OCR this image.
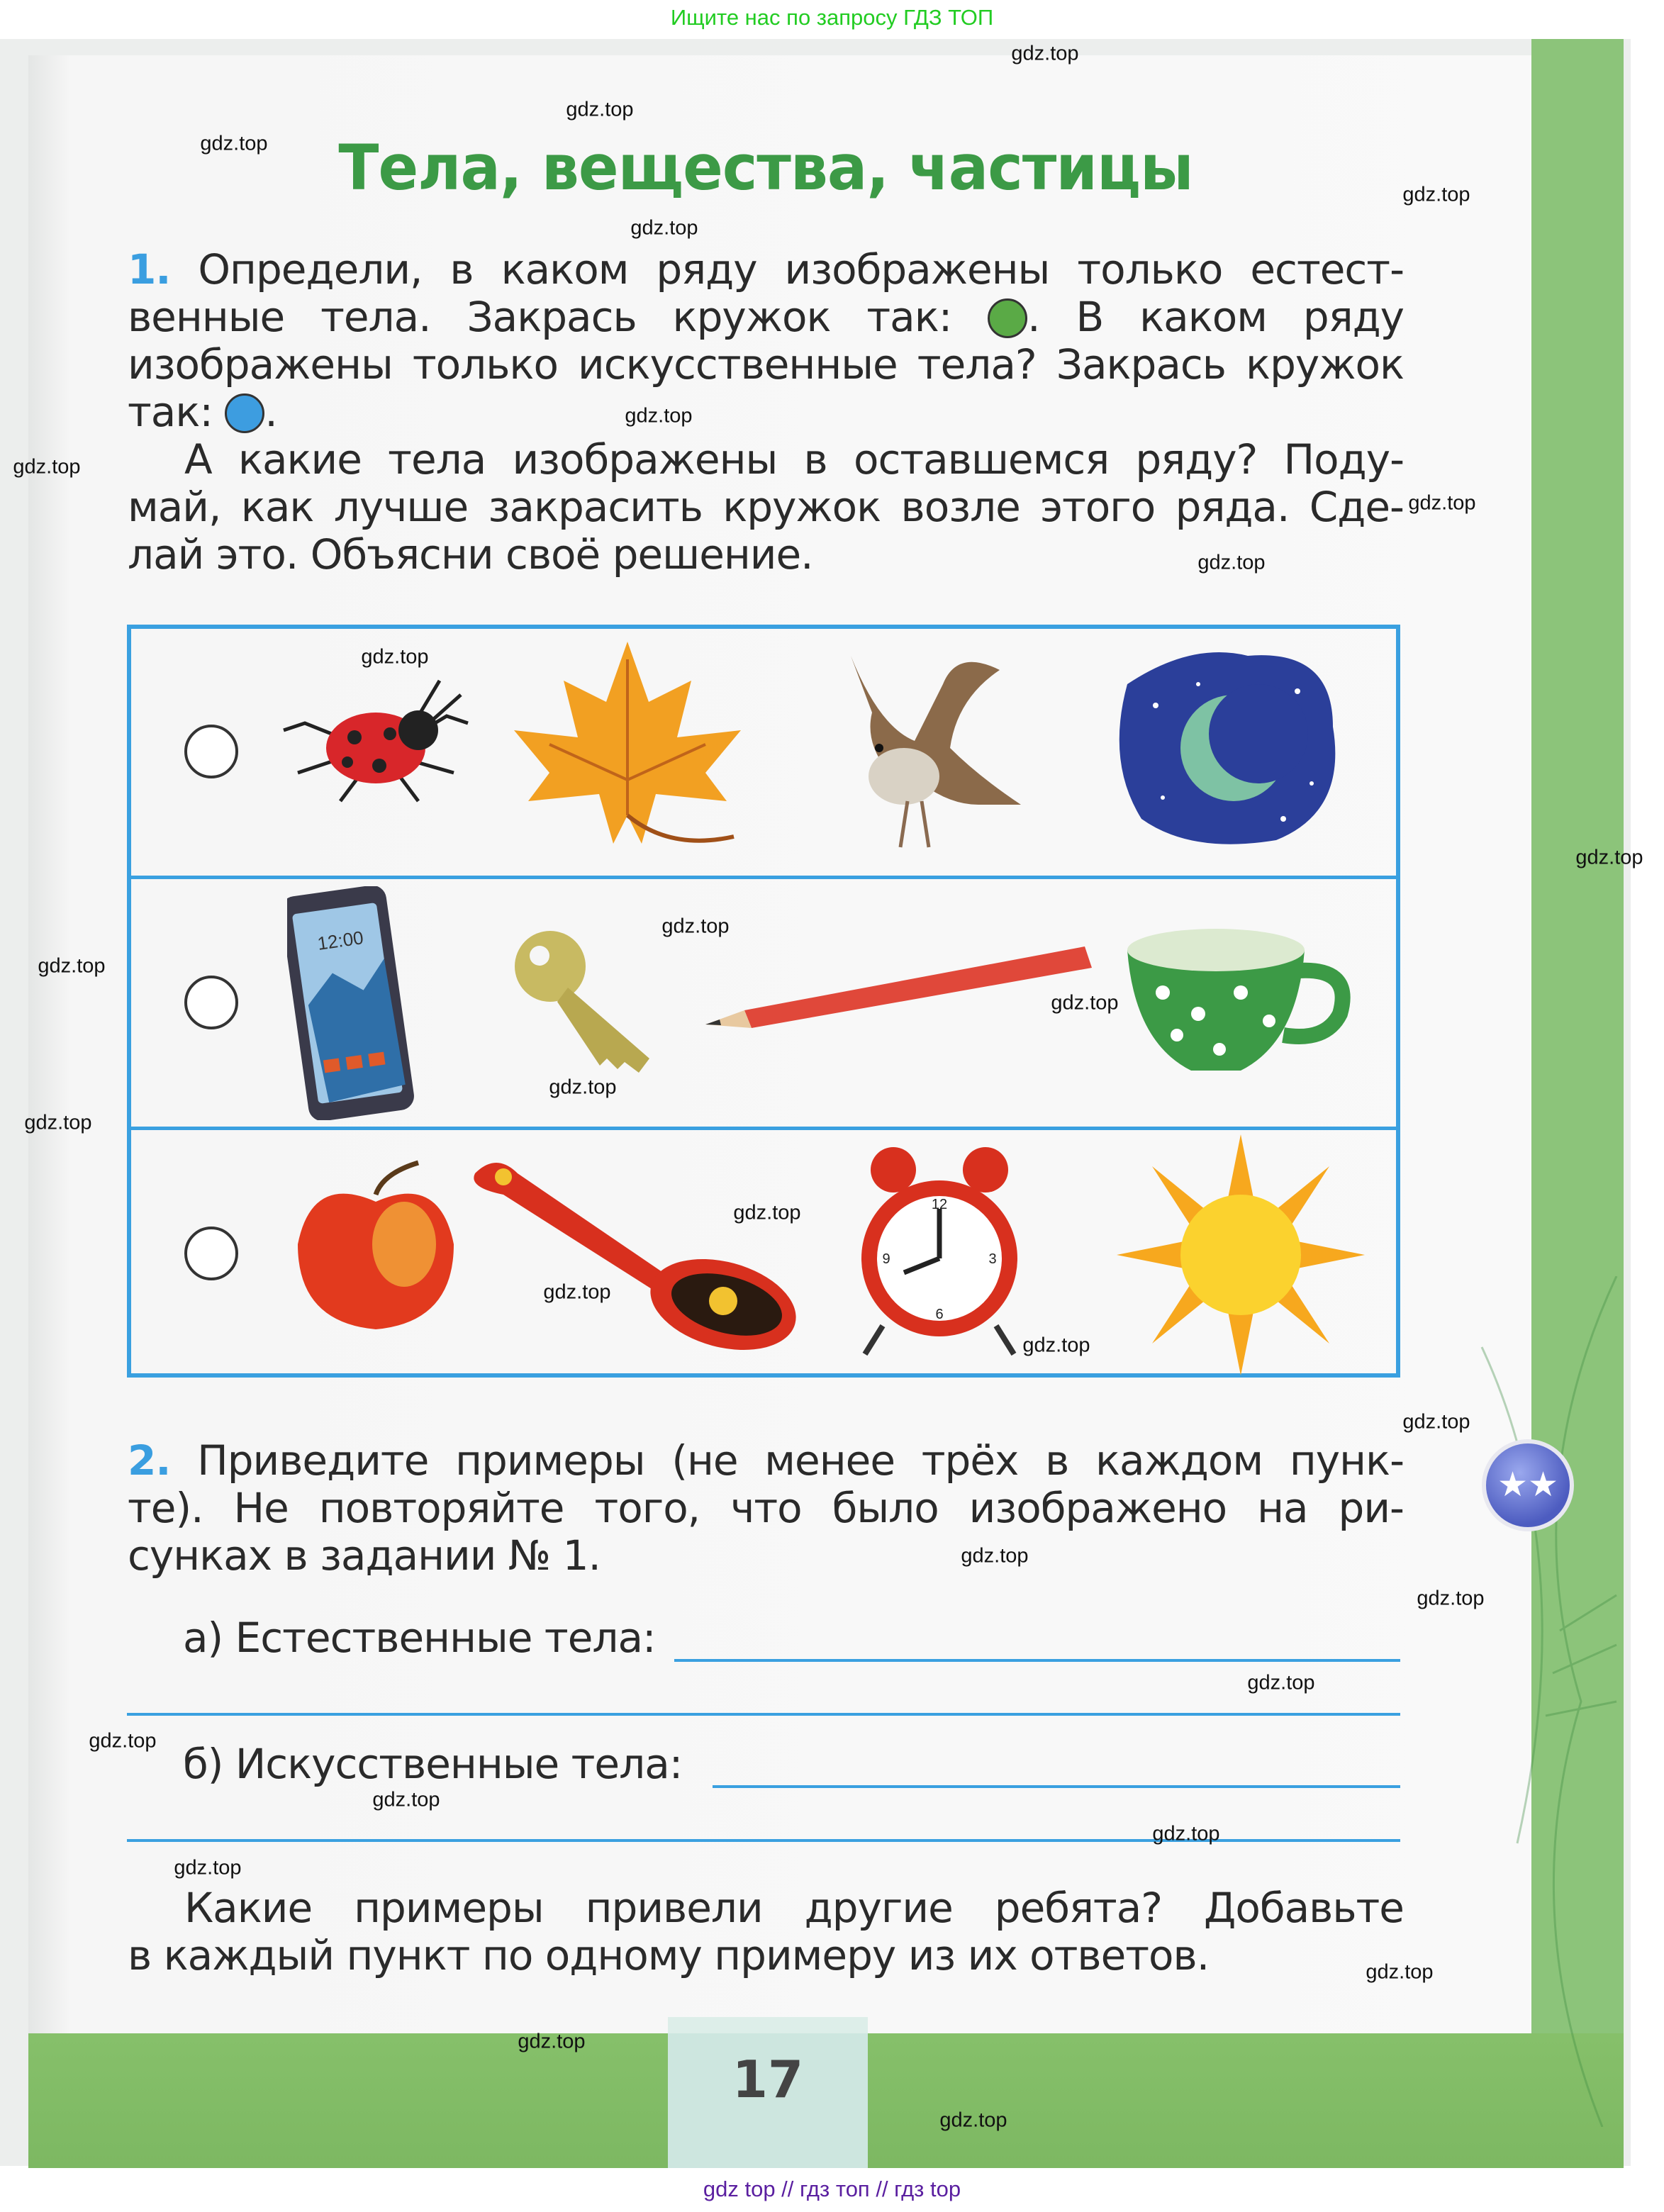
Ищите нас по запросу ГДЗ ТОП
Тела, вещества, частицы
1. Определи, в каком ряду изображены только естест-
венные тела. Закрась кружок так: . В каком ряду
изображены только искусственные тела? Закрась кружок
так: .
А какие тела изображены в оставшемся ряду? Поду-
май, как лучше закрасить кружок возле этого ряда. Сде-
лай это. Объясни своё решение.
12:00
12
3
6
9
2. Приведите примеры (не менее трёх в каждом пунк-
те). Не повторяйте того, что было изображено на ри-
сунках в задании № 1.
а) Естественные тела:
б) Искусственные тела:
Какие примеры привели другие ребята? Добавьте
в каждый пункт по одному примеру из их ответов.
17
★★
gdz top // гдз топ // гдз top
gdz.top
gdz.top
gdz.top
gdz.top
gdz.top
gdz.top
gdz.top
gdz.top
gdz.top
gdz.top
gdz.top
gdz.top
gdz.top
gdz.top
gdz.top
gdz.top
gdz.top
gdz.top
gdz.top
gdz.top
gdz.top
gdz.top
gdz.top
gdz.top
gdz.top
gdz.top
gdz.top
gdz.top
gdz.top
gdz.top
